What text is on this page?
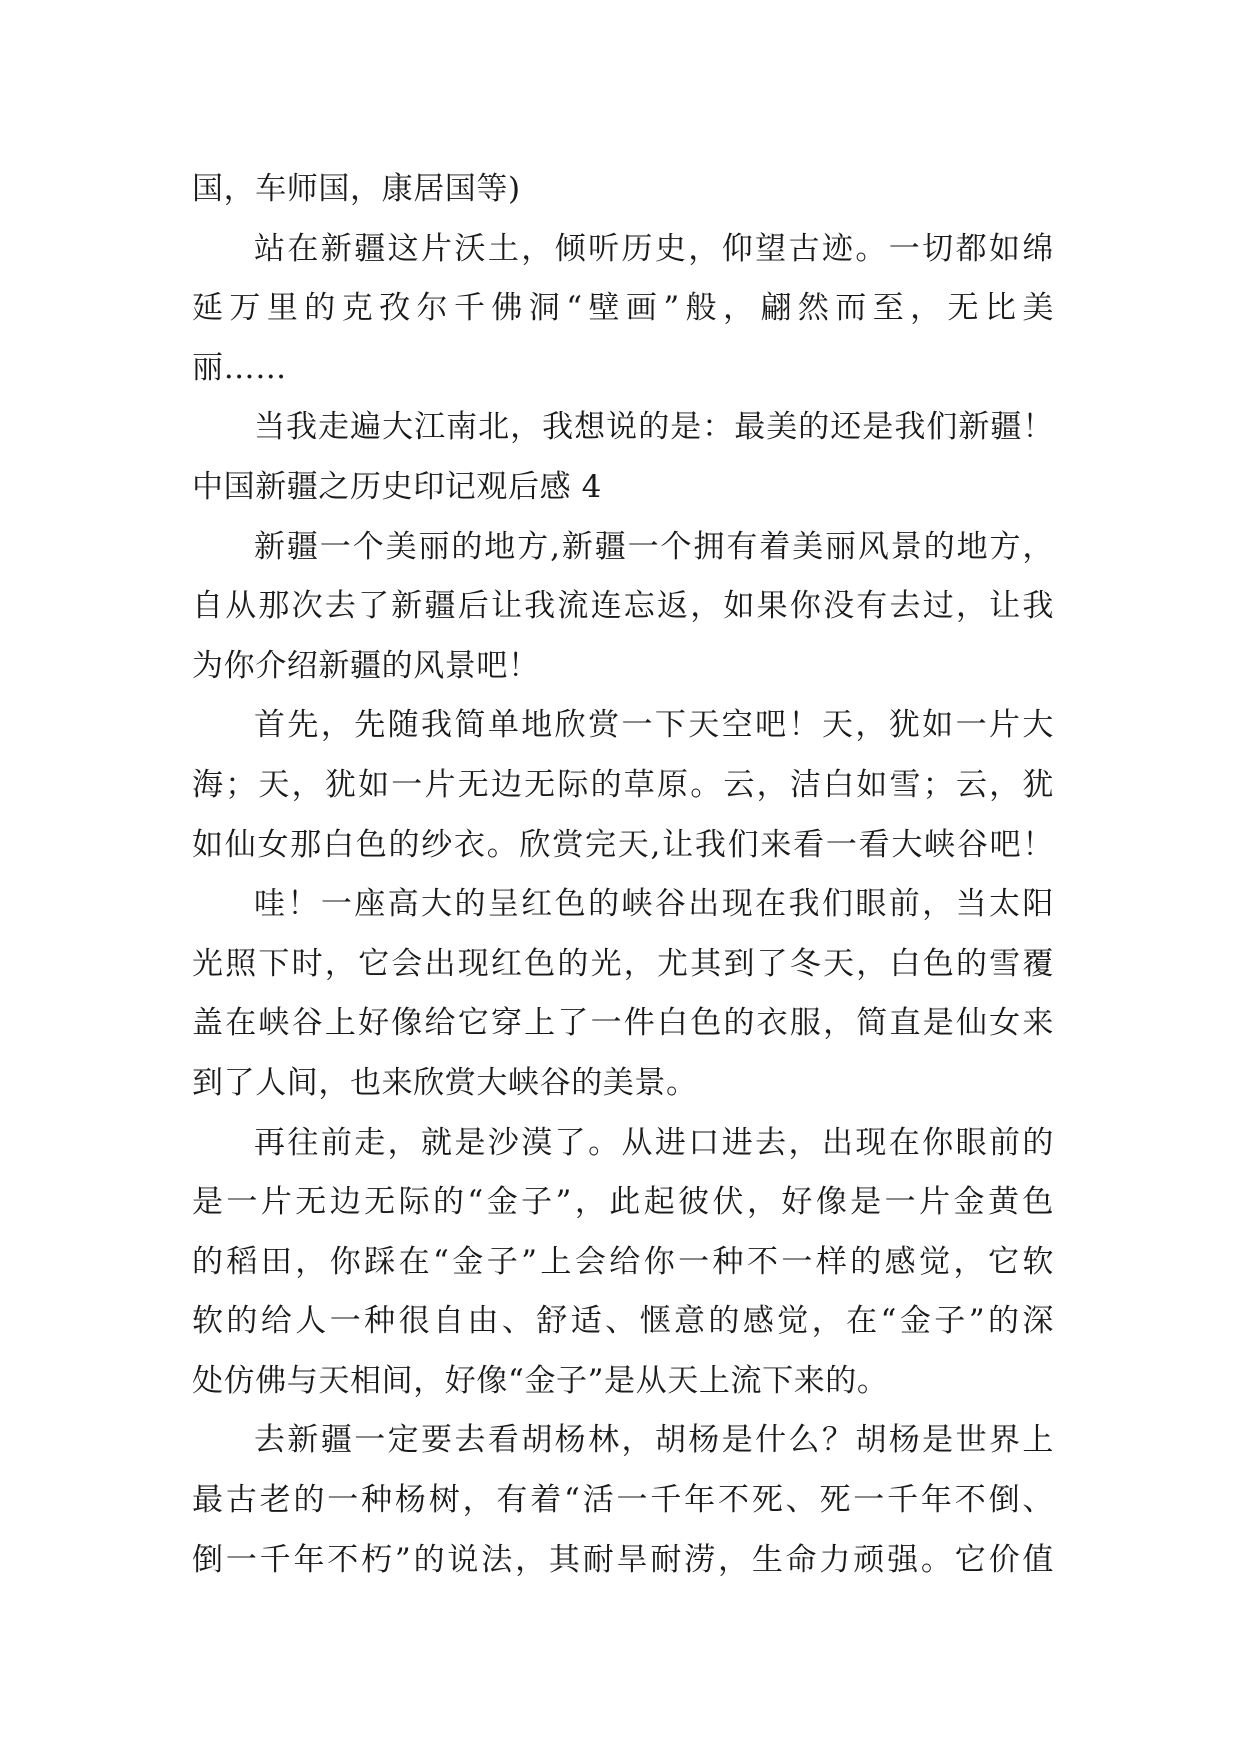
国，车师国，康居国等)
站在新疆这片沃土，倾听历史，仰望古迹。一切都如绵
延万里的克孜尔千佛洞“壁画”般，翩然而至，无比美
丽……
当我走遍大江南北，我想说的是：最美的还是我们新疆！
中国新疆之历史印记观后感 4
新疆一个美丽的地方,新疆一个拥有着美丽风景的地方，
自从那次去了新疆后让我流连忘返，如果你没有去过，让我
为你介绍新疆的风景吧！
首先，先随我简单地欣赏一下天空吧！天，犹如一片大
海；天，犹如一片无边无际的草原。云，洁白如雪；云，犹
如仙女那白色的纱衣。欣赏完天,让我们来看一看大峡谷吧！
哇！一座高大的呈红色的峡谷出现在我们眼前，当太阳
光照下时，它会出现红色的光，尤其到了冬天，白色的雪覆
盖在峡谷上好像给它穿上了一件白色的衣服，简直是仙女来
到了人间，也来欣赏大峡谷的美景。
再往前走，就是沙漠了。从进口进去，出现在你眼前的
是一片无边无际的“金子”，此起彼伏，好像是一片金黄色
的稻田，你踩在“金子”上会给你一种不一样的感觉，它软
软的给人一种很自由、舒适、惬意的感觉，在“金子”的深
处仿佛与天相间，好像“金子”是从天上流下来的。
去新疆一定要去看胡杨林，胡杨是什么？胡杨是世界上
最古老的一种杨树，有着“活一千年不死、死一千年不倒、
倒一千年不朽”的说法，其耐旱耐涝，生命力顽强。它价值
